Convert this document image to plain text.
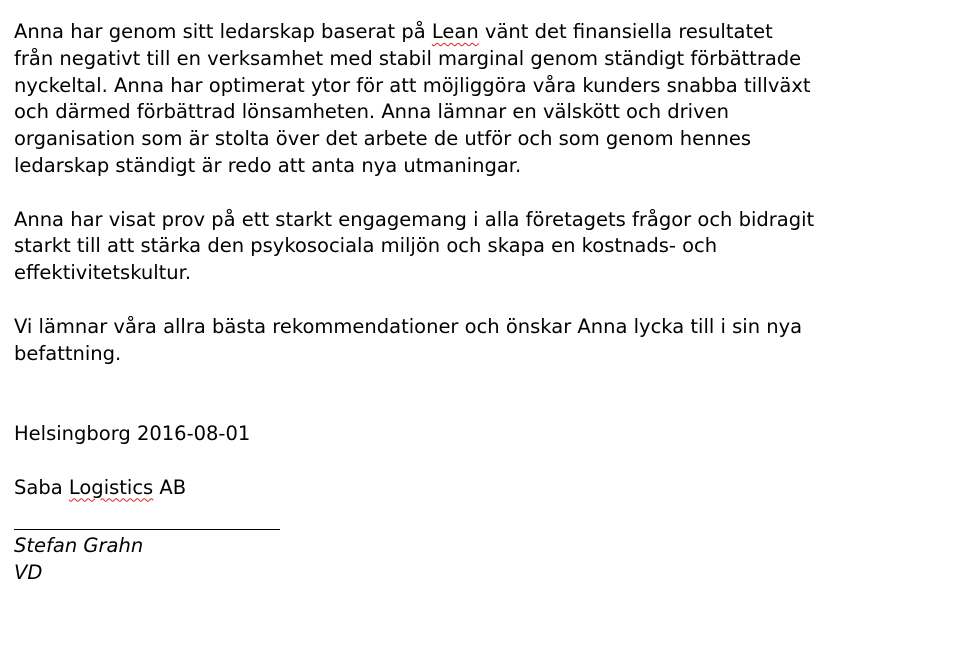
Anna har genom sitt ledarskap baserat på Lean vänt det finansiella resultatet
från negativt till en verksamhet med stabil marginal genom ständigt förbättrade
nyckeltal. Anna har optimerat ytor för att möjliggöra våra kunders snabba tillväxt
och därmed förbättrad lönsamheten. Anna lämnar en välskött och driven
organisation som är stolta över det arbete de utför och som genom hennes
ledarskap ständigt är redo att anta nya utmaningar.
Anna har visat prov på ett starkt engagemang i alla företagets frågor och bidragit
starkt till att stärka den psykosociala miljön och skapa en kostnads- och
effektivitetskultur.
Vi lämnar våra allra bästa rekommendationer och önskar Anna lycka till i sin nya
befattning.
Helsingborg 2016-08-01
Saba Logistics AB
Stefan Grahn
VD
